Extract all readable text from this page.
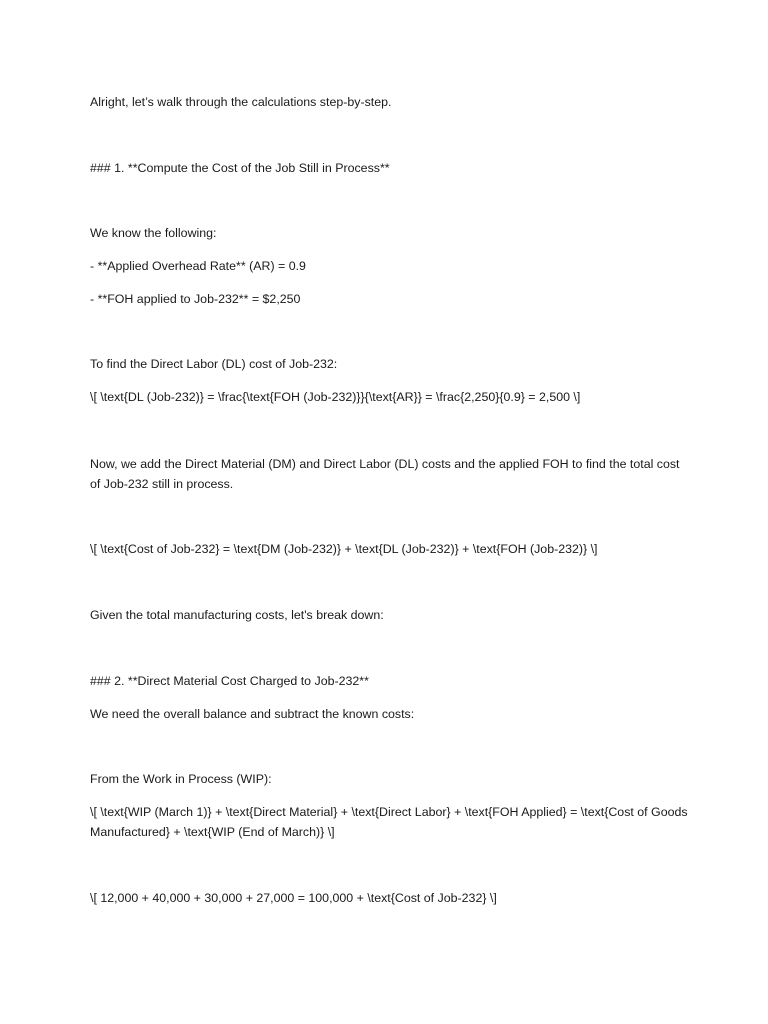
Alright, let’s walk through the calculations step-by-step.
### 1. **Compute the Cost of the Job Still in Process**
We know the following:
- **Applied Overhead Rate** (AR) = 0.9
- **FOH applied to Job-232** = $2,250
To find the Direct Labor (DL) cost of Job-232:
\[ \text{DL (Job-232)} = \frac{\text{FOH (Job-232)}}{\text{AR}} = \frac{2,250}{0.9} = 2,500 \]
Now, we add the Direct Material (DM) and Direct Labor (DL) costs and the applied FOH to find the total cost of Job-232 still in process.
\[ \text{Cost of Job-232} = \text{DM (Job-232)} + \text{DL (Job-232)} + \text{FOH (Job-232)} \]
Given the total manufacturing costs, let's break down:
### 2. **Direct Material Cost Charged to Job-232**
We need the overall balance and subtract the known costs:
From the Work in Process (WIP):
\[ \text{WIP (March 1)} + \text{Direct Material} + \text{Direct Labor} + \text{FOH Applied} = \text{Cost of Goods Manufactured} + \text{WIP (End of March)} \]
\[ 12,000 + 40,000 + 30,000 + 27,000 = 100,000 + \text{Cost of Job-232} \]
